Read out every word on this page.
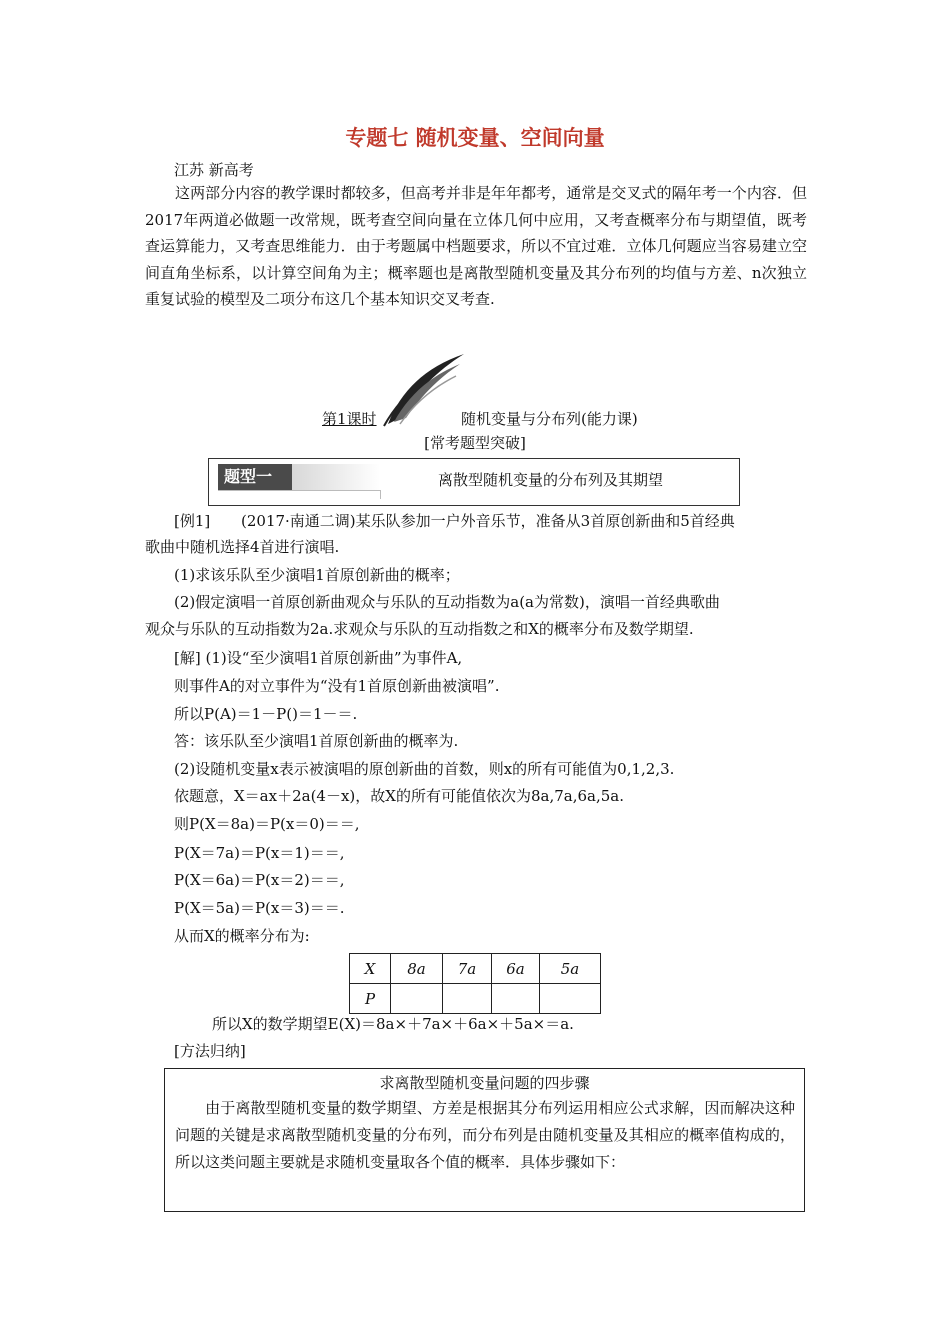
专题七 随机变量、空间向量
江苏 新高考
这两部分内容的教学课时都较多，但高考并非是年年都考，通常是交叉式的隔年考一个内容．但2017年两道必做题一改常规，既考查空间向量在立体几何中应用，又考查概率分布与期望值，既考查运算能力，又考查思维能力．由于考题属中档题要求，所以不宜过难．立体几何题应当容易建立空间直角坐标系，以计算空间角为主；概率题也是离散型随机变量及其分布列的均值与方差、n次独立重复试验的模型及二项分布这几个基本知识交叉考查.
第1课时	随机变量与分布列(能力课)
[常考题型突破]
题型一	离散型随机变量的分布列及其期望
[例1] (2017·南通二调)某乐队参加一户外音乐节，准备从3首原创新曲和5首经典
歌曲中随机选择4首进行演唱.
(1)求该乐队至少演唱1首原创新曲的概率；
(2)假定演唱一首原创新曲观众与乐队的互动指数为a(a为常数)，演唱一首经典歌曲
观众与乐队的互动指数为2a.求观众与乐队的互动指数之和X的概率分布及数学期望.
[解] (1)设“至少演唱1首原创新曲”为事件A,
则事件A的对立事件为“没有1首原创新曲被演唱”.
所以P(A)＝1－P()＝1－＝.
答：该乐队至少演唱1首原创新曲的概率为.
(2)设随机变量x表示被演唱的原创新曲的首数，则x的所有可能值为0,1,2,3.
依题意，X＝ax＋2a(4－x)，故X的所有可能值依次为8a,7a,6a,5a.
则P(X＝8a)＝P(x＝0)＝＝,
P(X＝7a)＝P(x＝1)＝＝,
P(X＝6a)＝P(x＝2)＝＝,
P(X＝5a)＝P(x＝3)＝＝.
从而X的概率分布为:
X	8a	7a	6a	5a
P				
所以X的数学期望E(X)＝8a×＋7a×＋6a×＋5a×＝a.
[方法归纳]
求离散型随机变量问题的四步骤
由于离散型随机变量的数学期望、方差是根据其分布列运用相应公式求解，因而解决这种问题的关键是求离散型随机变量的分布列，而分布列是由随机变量及其相应的概率值构成的，所以这类问题主要就是求随机变量取各个值的概率．具体步骤如下：
